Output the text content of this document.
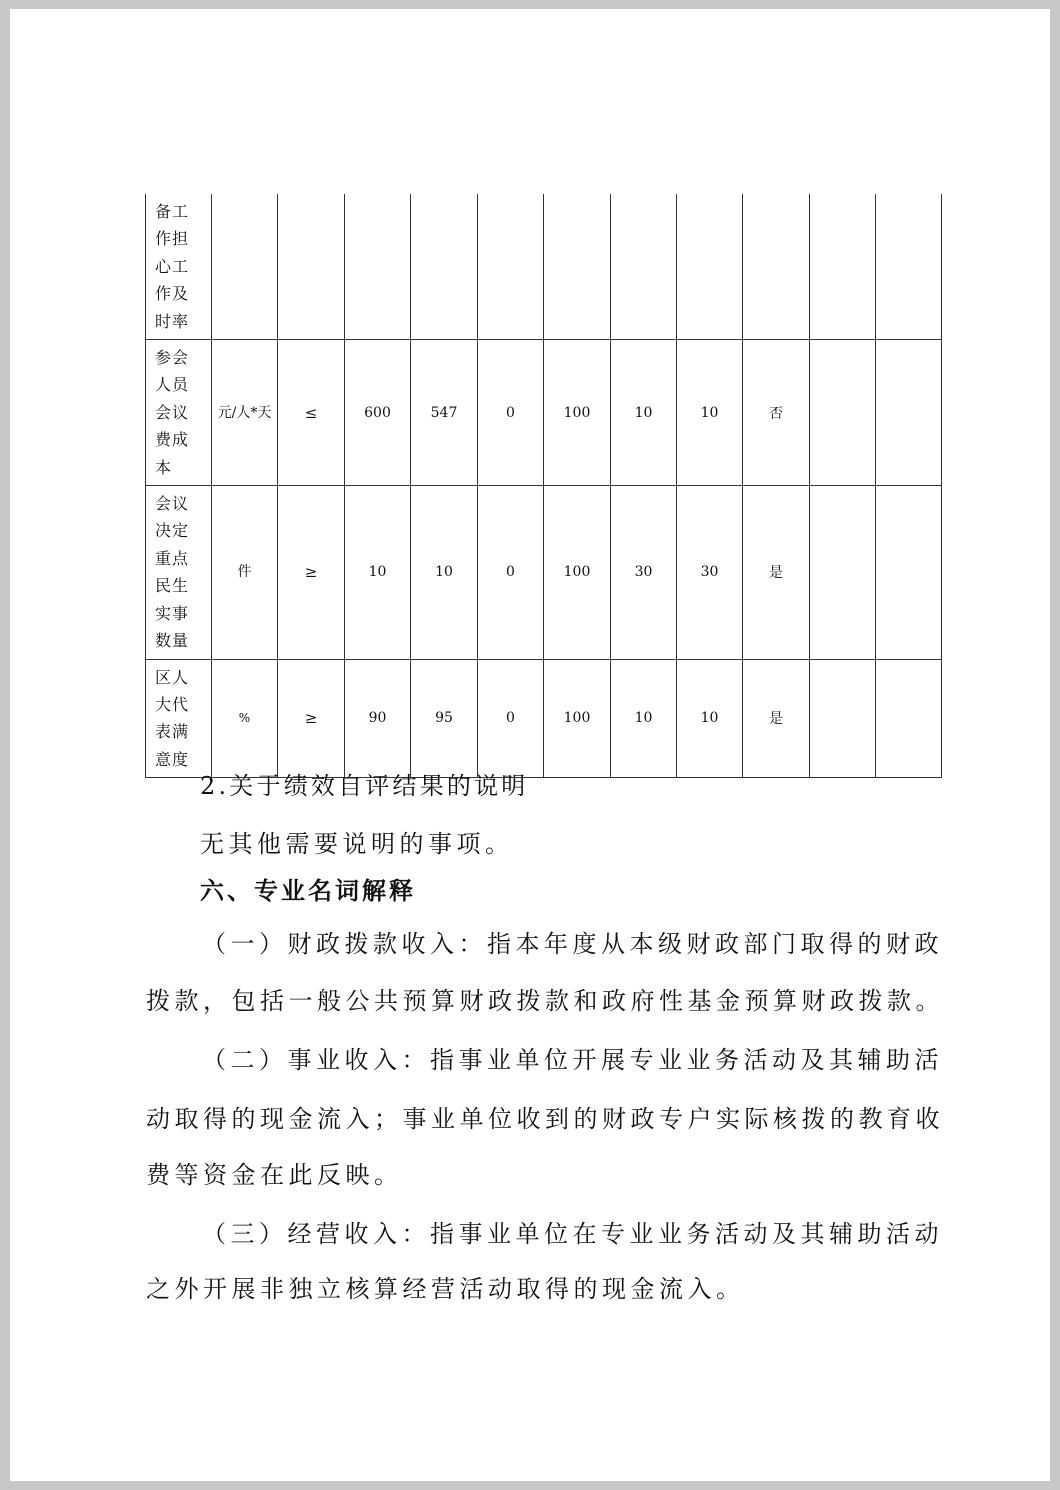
备工作担心工作及时率											
参会人员会议费成本	元/人*天	≤	600	547	0	100	10	10	否		
会议决定重点民生实事数量	件	≥	10	10	0	100	30	30	是		
区人大代表满意度	%	≥	90	95	0	100	10	10	是		

2.关于绩效自评结果的说明

无其他需要说明的事项。

六、专业名词解释

（一）财政拨款收入：指本年度从本级财政部门取得的财政

拨款，包括一般公共预算财政拨款和政府性基金预算财政拨款。

（二）事业收入：指事业单位开展专业业务活动及其辅助活

动取得的现金流入；事业单位收到的财政专户实际核拨的教育收

费等资金在此反映。

（三）经营收入：指事业单位在专业业务活动及其辅助活动

之外开展非独立核算经营活动取得的现金流入。
